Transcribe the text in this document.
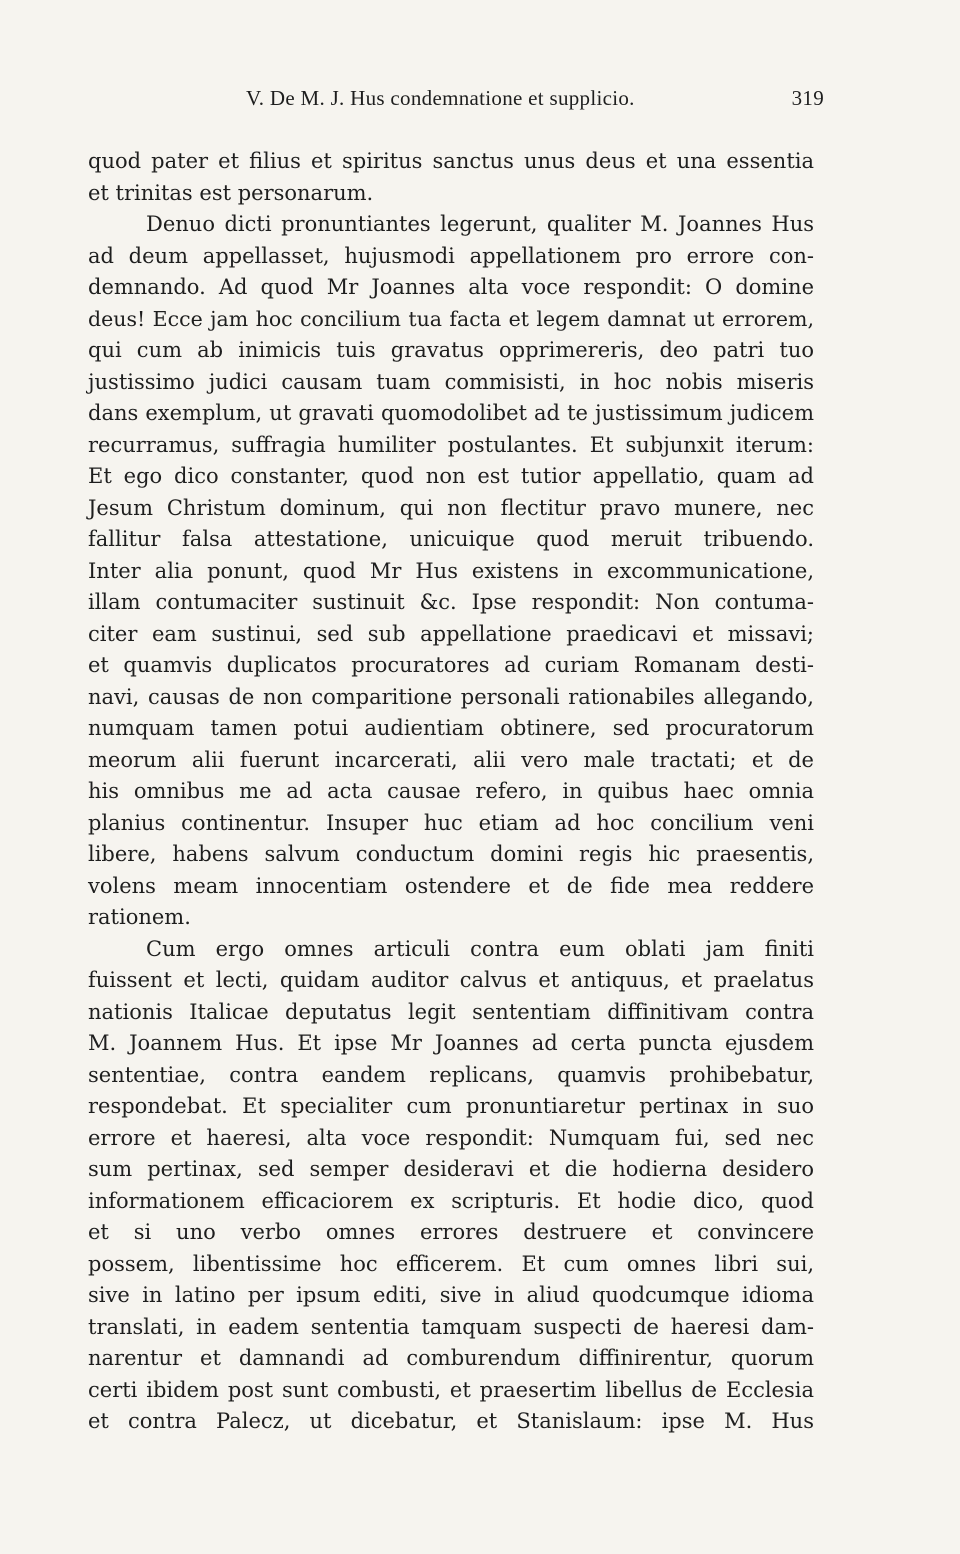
V. De M. J. Hus condemnatione et supplicio.	319
quod pater et filius et spiritus sanctus unus deus et una essentia
et trinitas est personarum.
Denuo dicti pronuntiantes legerunt, qualiter M. Joannes Hus
ad deum appellasset, hujusmodi appellationem pro errore con-
demnando. Ad quod Mr Joannes alta voce respondit: O domine
deus! Ecce jam hoc concilium tua facta et legem damnat ut errorem,
qui cum ab inimicis tuis gravatus opprimereris, deo patri tuo
justissimo judici causam tuam commisisti, in hoc nobis miseris
dans exemplum, ut gravati quomodolibet ad te justissimum judicem
recurramus, suffragia humiliter postulantes. Et subjunxit iterum:
Et ego dico constanter, quod non est tutior appellatio, quam ad
Jesum Christum dominum, qui non flectitur pravo munere, nec
fallitur falsa attestatione, unicuique quod meruit tribuendo.
Inter alia ponunt, quod Mr Hus existens in excommunicatione,
illam contumaciter sustinuit &c. Ipse respondit: Non contuma-
citer eam sustinui, sed sub appellatione praedicavi et missavi;
et quamvis duplicatos procuratores ad curiam Romanam desti-
navi, causas de non comparitione personali rationabiles allegando,
numquam tamen potui audientiam obtinere, sed procuratorum
meorum alii fuerunt incarcerati, alii vero male tractati; et de
his omnibus me ad acta causae refero, in quibus haec omnia
planius continentur. Insuper huc etiam ad hoc concilium veni
libere, habens salvum conductum domini regis hic praesentis,
volens meam innocentiam ostendere et de fide mea reddere
rationem.
Cum ergo omnes articuli contra eum oblati jam finiti
fuissent et lecti, quidam auditor calvus et antiquus, et praelatus
nationis Italicae deputatus legit sententiam diffinitivam contra
M. Joannem Hus. Et ipse Mr Joannes ad certa puncta ejusdem
sententiae, contra eandem replicans, quamvis prohibebatur,
respondebat. Et specialiter cum pronuntiaretur pertinax in suo
errore et haeresi, alta voce respondit: Numquam fui, sed nec
sum pertinax, sed semper desideravi et die hodierna desidero
informationem efficaciorem ex scripturis. Et hodie dico, quod
et si uno verbo omnes errores destruere et convincere
possem, libentissime hoc efficerem. Et cum omnes libri sui,
sive in latino per ipsum editi, sive in aliud quodcumque idioma
translati, in eadem sententia tamquam suspecti de haeresi dam-
narentur et damnandi ad comburendum diffinirentur, quorum
certi ibidem post sunt combusti, et praesertim libellus de Ecclesia
et contra Palecz, ut dicebatur, et Stanislaum: ipse M. Hus
